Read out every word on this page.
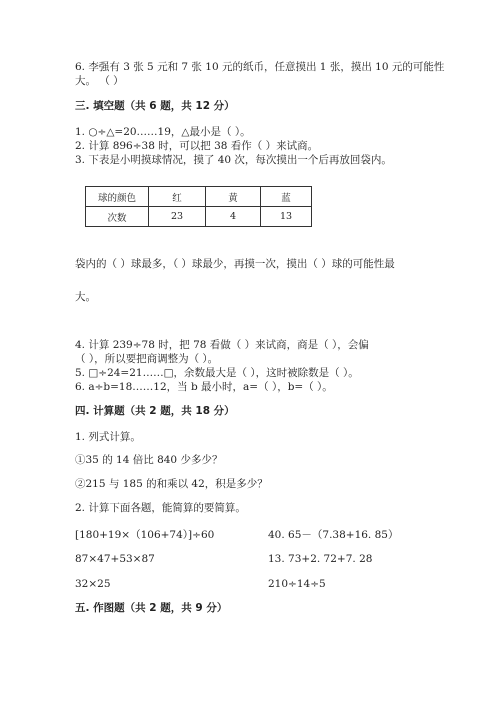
6. 李强有 3 张 5 元和 7 张 10 元的纸币，任意摸出 1 张，摸出 10 元的可能性
大。 （ ）
三. 填空题（共 6 题，共 12 分）
1. ○÷△=20……19，△最小是（ ）。
2. 计算 896÷38 时，可以把 38 看作（ ）来试商。
3. 下表是小明摸球情况，摸了 40 次，每次摸出一个后再放回袋内。
球的颜色	红	黄	蓝
次数	23	4	13
袋内的（ ）球最多，（ ）球最少，再摸一次，摸出（ ）球的可能性最
大。
4. 计算 239÷78 时，把 78 看做（ ）来试商，商是（ ），会偏
（ ），所以要把商调整为（ ）。
5. □÷24=21……□，余数最大是（ ），这时被除数是（ ）。
6. a÷b=18……12，当 b 最小时，a=（ ），b=（ ）。
四. 计算题（共 2 题，共 18 分）
1. 列式计算。
①35 的 14 倍比 840 少多少？
②215 与 185 的和乘以 42，积是多少？
2. 计算下面各题，能简算的要简算。
[180+19×（106+74）]÷60	40. 65－（7.38+16. 85）
87×47+53×87	13. 73+2. 72+7. 28
32×25	210÷14÷5
五. 作图题（共 2 题，共 9 分）
